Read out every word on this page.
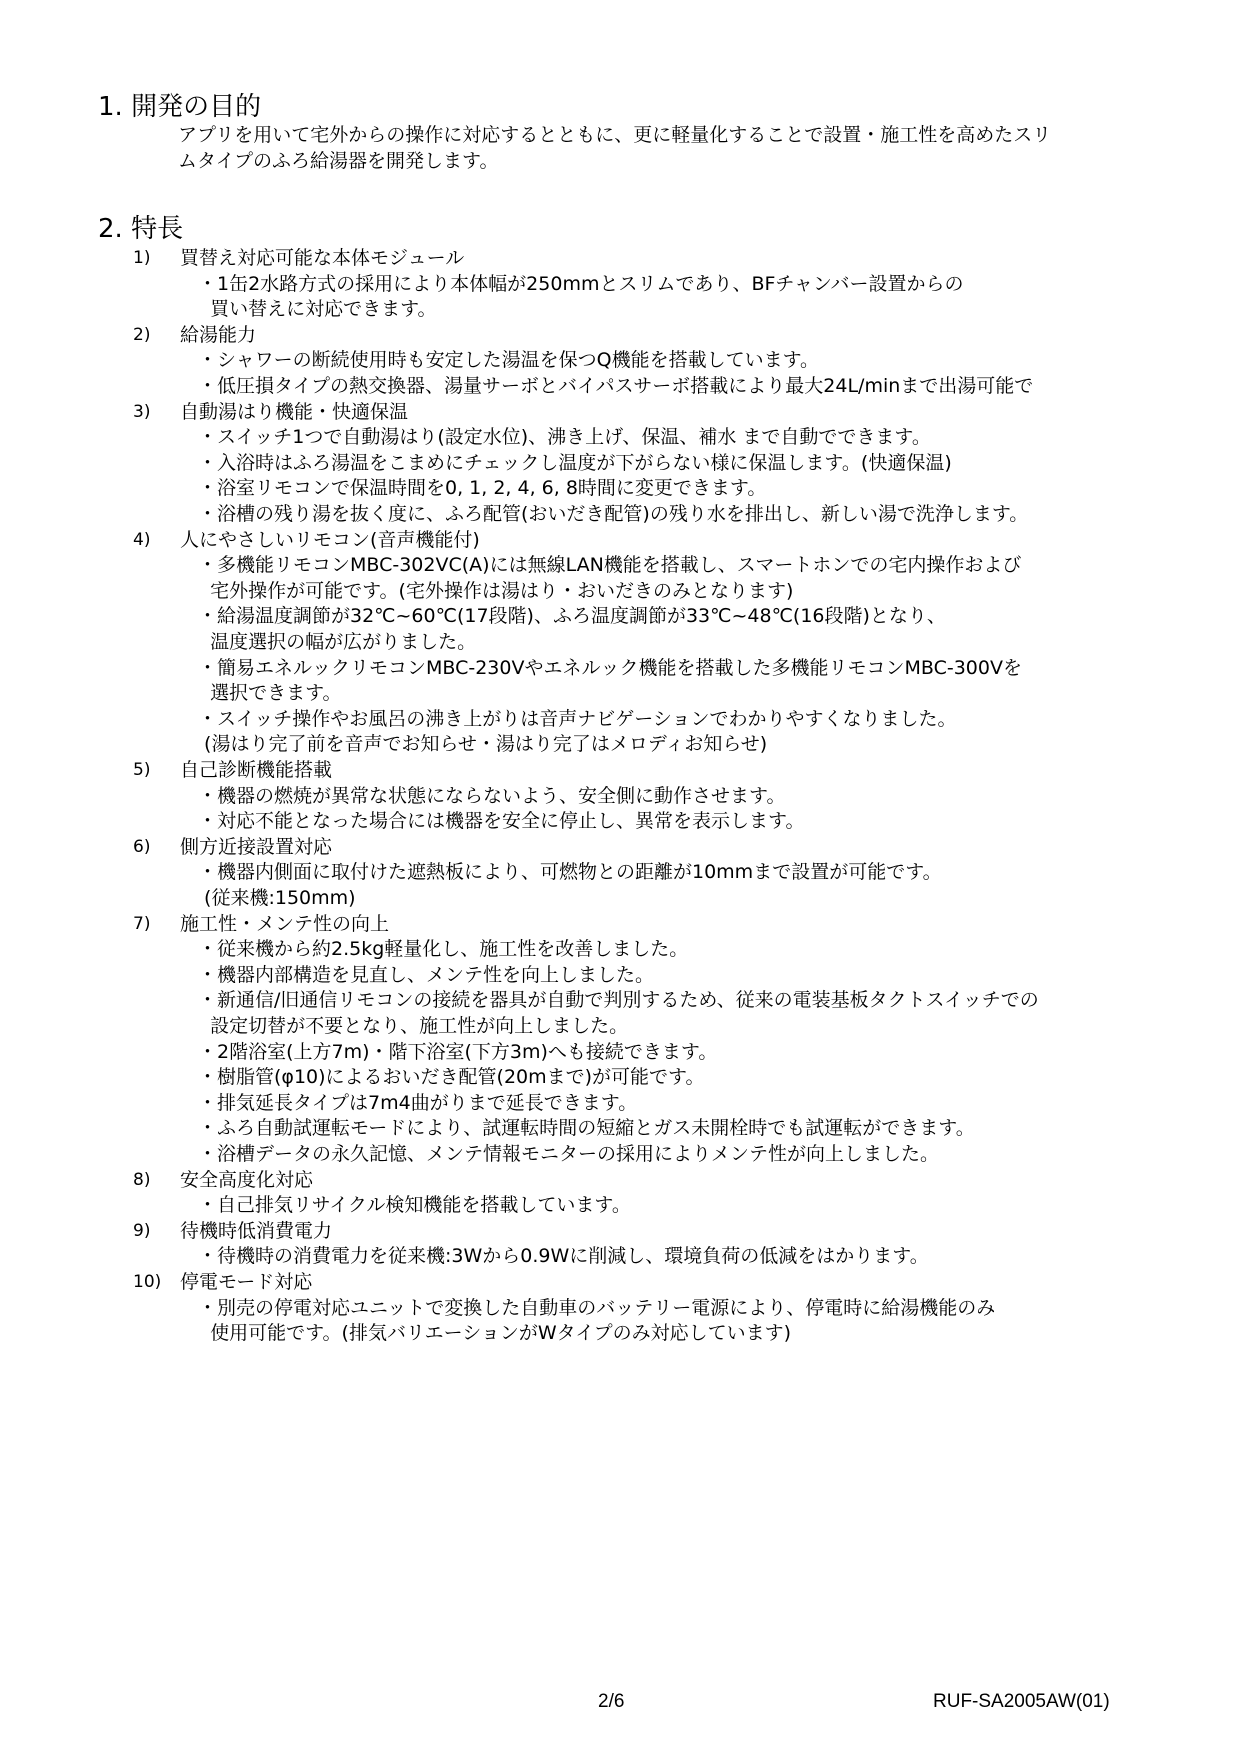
1. 開発の目的
アプリを用いて宅外からの操作に対応するとともに、更に軽量化することで設置・施工性を高めたスリ
ムタイプのふろ給湯器を開発します。
2. 特長
1) 買替え対応可能な本体モジュール
・1缶2水路方式の採用により本体幅が250mmとスリムであり、BFチャンバー設置からの
買い替えに対応できます。
2) 給湯能力
・シャワーの断続使用時も安定した湯温を保つQ機能を搭載しています。
・低圧損タイプの熱交換器、湯量サーボとバイパスサーボ搭載により最大24L/minまで出湯可能で
3) 自動湯はり機能・快適保温
・スイッチ1つで自動湯はり(設定水位)、沸き上げ、保温、補水 まで自動でできます。
・入浴時はふろ湯温をこまめにチェックし温度が下がらない様に保温します。(快適保温)
・浴室リモコンで保温時間を0, 1, 2, 4, 6, 8時間に変更できます。
・浴槽の残り湯を抜く度に、ふろ配管(おいだき配管)の残り水を排出し、新しい湯で洗浄します。
4) 人にやさしいリモコン(音声機能付)
・多機能リモコンMBC-302VC(A)には無線LAN機能を搭載し、スマートホンでの宅内操作および
宅外操作が可能です。(宅外操作は湯はり・おいだきのみとなります)
・給湯温度調節が32℃~60℃(17段階)、ふろ温度調節が33℃~48℃(16段階)となり、
温度選択の幅が広がりました。
・簡易エネルックリモコンMBC-230Vやエネルック機能を搭載した多機能リモコンMBC-300Vを
選択できます。
・スイッチ操作やお風呂の沸き上がりは音声ナビゲーションでわかりやすくなりました。
(湯はり完了前を音声でお知らせ・湯はり完了はメロディお知らせ)
5) 自己診断機能搭載
・機器の燃焼が異常な状態にならないよう、安全側に動作させます。
・対応不能となった場合には機器を安全に停止し、異常を表示します。
6) 側方近接設置対応
・機器内側面に取付けた遮熱板により、可燃物との距離が10mmまで設置が可能です。
(従来機:150mm)
7) 施工性・メンテ性の向上
・従来機から約2.5kg軽量化し、施工性を改善しました。
・機器内部構造を見直し、メンテ性を向上しました。
・新通信/旧通信リモコンの接続を器具が自動で判別するため、従来の電装基板タクトスイッチでの
設定切替が不要となり、施工性が向上しました。
・2階浴室(上方7m)・階下浴室(下方3m)へも接続できます。
・樹脂管(φ10)によるおいだき配管(20mまで)が可能です。
・排気延長タイプは7m4曲がりまで延長できます。
・ふろ自動試運転モードにより、試運転時間の短縮とガス未開栓時でも試運転ができます。
・浴槽データの永久記憶、メンテ情報モニターの採用によりメンテ性が向上しました。
8) 安全高度化対応
・自己排気リサイクル検知機能を搭載しています。
9) 待機時低消費電力
・待機時の消費電力を従来機:3Wから0.9Wに削減し、環境負荷の低減をはかります。
10) 停電モード対応
・別売の停電対応ユニットで変換した自動車のバッテリー電源により、停電時に給湯機能のみ
使用可能です。(排気バリエーションがWタイプのみ対応しています)
2/6	RUF-SA2005AW(01)
